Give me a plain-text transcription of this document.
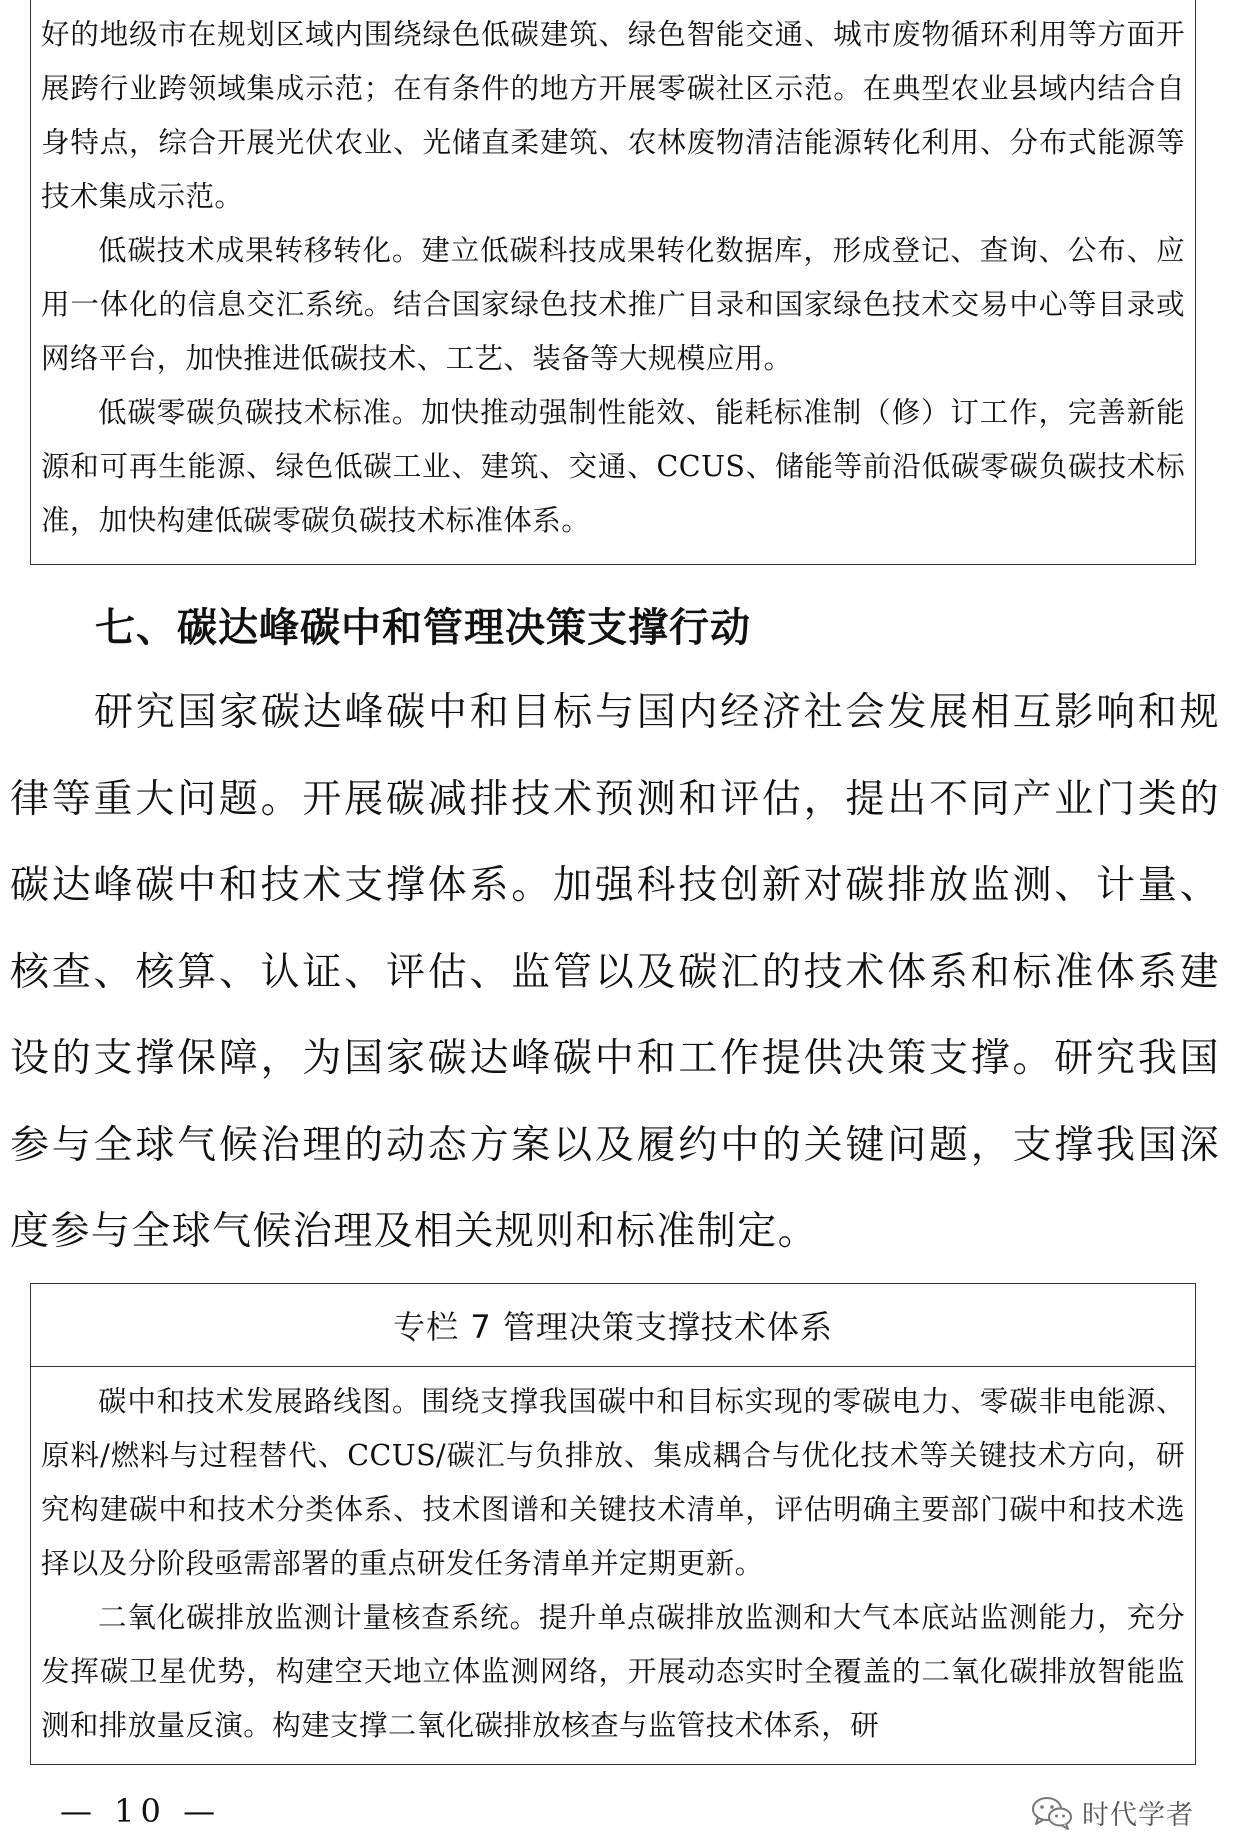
好的地级市在规划区域内围绕绿色低碳建筑、绿色智能交通、城市废物循环利用等方面开展跨行业跨领域集成示范；在有条件的地方开展零碳社区示范。在典型农业县域内结合自身特点，综合开展光伏农业、光储直柔建筑、农林废物清洁能源转化利用、分布式能源等技术集成示范。

低碳技术成果转移转化。建立低碳科技成果转化数据库，形成登记、查询、公布、应用一体化的信息交汇系统。结合国家绿色技术推广目录和国家绿色技术交易中心等目录或网络平台，加快推进低碳技术、工艺、装备等大规模应用。

低碳零碳负碳技术标准。加快推动强制性能效、能耗标准制（修）订工作，完善新能源和可再生能源、绿色低碳工业、建筑、交通、CCUS、储能等前沿低碳零碳负碳技术标准，加快构建低碳零碳负碳技术标准体系。

七、碳达峰碳中和管理决策支撑行动

研究国家碳达峰碳中和目标与国内经济社会发展相互影响和规律等重大问题。开展碳减排技术预测和评估，提出不同产业门类的碳达峰碳中和技术支撑体系。加强科技创新对碳排放监测、计量、核查、核算、认证、评估、监管以及碳汇的技术体系和标准体系建设的支撑保障，为国家碳达峰碳中和工作提供决策支撑。研究我国参与全球气候治理的动态方案以及履约中的关键问题，支撑我国深度参与全球气候治理及相关规则和标准制定。

专栏 7 管理决策支撑技术体系

碳中和技术发展路线图。围绕支撑我国碳中和目标实现的零碳电力、零碳非电能源、原料/燃料与过程替代、CCUS/碳汇与负排放、集成耦合与优化技术等关键技术方向，研究构建碳中和技术分类体系、技术图谱和关键技术清单，评估明确主要部门碳中和技术选择以及分阶段亟需部署的重点研发任务清单并定期更新。

二氧化碳排放监测计量核查系统。提升单点碳排放监测和大气本底站监测能力，充分发挥碳卫星优势，构建空天地立体监测网络，开展动态实时全覆盖的二氧化碳排放智能监测和排放量反演。构建支撑二氧化碳排放核查与监管技术体系，研

— 10 —	时代学者
